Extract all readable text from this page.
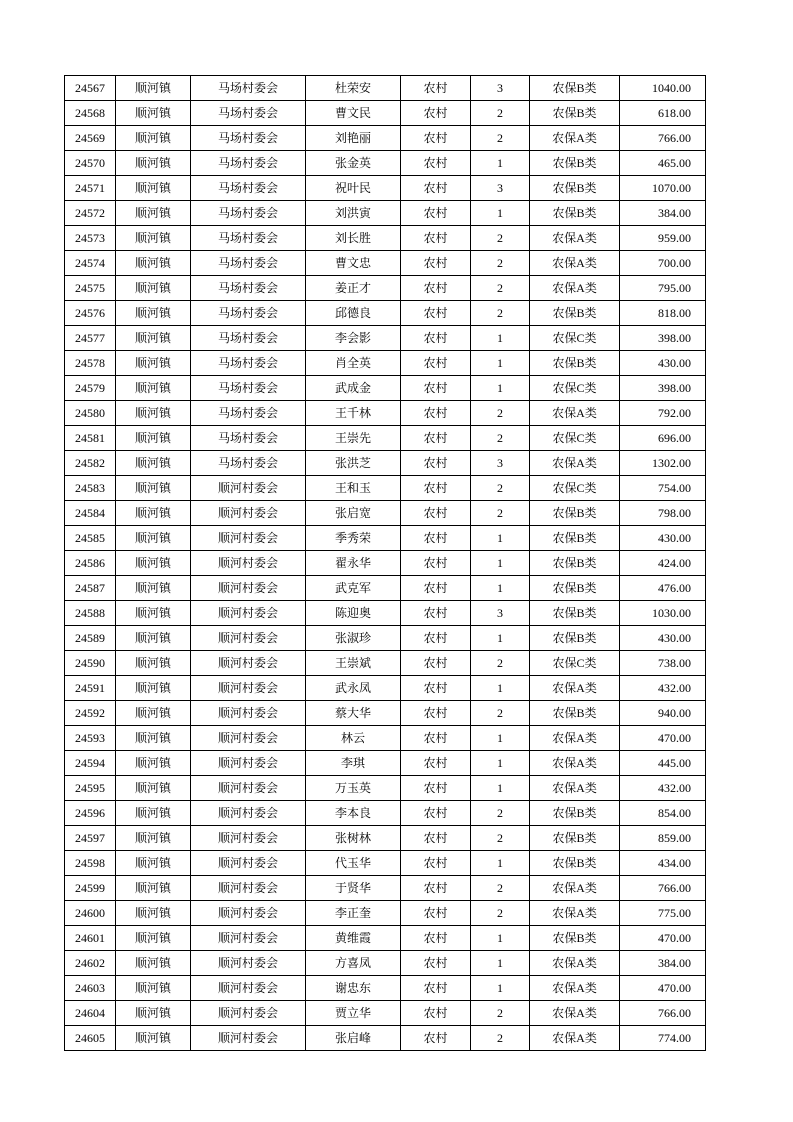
24567	顺河镇	马场村委会	杜荣安	农村	3	农保B类	1040.00
24568	顺河镇	马场村委会	曹文民	农村	2	农保B类	618.00
24569	顺河镇	马场村委会	刘艳丽	农村	2	农保A类	766.00
24570	顺河镇	马场村委会	张金英	农村	1	农保B类	465.00
24571	顺河镇	马场村委会	祝叶民	农村	3	农保B类	1070.00
24572	顺河镇	马场村委会	刘洪寅	农村	1	农保B类	384.00
24573	顺河镇	马场村委会	刘长胜	农村	2	农保A类	959.00
24574	顺河镇	马场村委会	曹文忠	农村	2	农保A类	700.00
24575	顺河镇	马场村委会	姜正才	农村	2	农保A类	795.00
24576	顺河镇	马场村委会	邱德良	农村	2	农保B类	818.00
24577	顺河镇	马场村委会	李会影	农村	1	农保C类	398.00
24578	顺河镇	马场村委会	肖全英	农村	1	农保B类	430.00
24579	顺河镇	马场村委会	武成金	农村	1	农保C类	398.00
24580	顺河镇	马场村委会	王千林	农村	2	农保A类	792.00
24581	顺河镇	马场村委会	王崇先	农村	2	农保C类	696.00
24582	顺河镇	马场村委会	张洪芝	农村	3	农保A类	1302.00
24583	顺河镇	顺河村委会	王和玉	农村	2	农保C类	754.00
24584	顺河镇	顺河村委会	张启宽	农村	2	农保B类	798.00
24585	顺河镇	顺河村委会	季秀荣	农村	1	农保B类	430.00
24586	顺河镇	顺河村委会	翟永华	农村	1	农保B类	424.00
24587	顺河镇	顺河村委会	武克军	农村	1	农保B类	476.00
24588	顺河镇	顺河村委会	陈迎奥	农村	3	农保B类	1030.00
24589	顺河镇	顺河村委会	张淑珍	农村	1	农保B类	430.00
24590	顺河镇	顺河村委会	王崇斌	农村	2	农保C类	738.00
24591	顺河镇	顺河村委会	武永凤	农村	1	农保A类	432.00
24592	顺河镇	顺河村委会	蔡大华	农村	2	农保B类	940.00
24593	顺河镇	顺河村委会	林云	农村	1	农保A类	470.00
24594	顺河镇	顺河村委会	李琪	农村	1	农保A类	445.00
24595	顺河镇	顺河村委会	万玉英	农村	1	农保A类	432.00
24596	顺河镇	顺河村委会	李本良	农村	2	农保B类	854.00
24597	顺河镇	顺河村委会	张树林	农村	2	农保B类	859.00
24598	顺河镇	顺河村委会	代玉华	农村	1	农保B类	434.00
24599	顺河镇	顺河村委会	于贤华	农村	2	农保A类	766.00
24600	顺河镇	顺河村委会	李正奎	农村	2	农保A类	775.00
24601	顺河镇	顺河村委会	黄维霞	农村	1	农保B类	470.00
24602	顺河镇	顺河村委会	方喜凤	农村	1	农保A类	384.00
24603	顺河镇	顺河村委会	谢忠东	农村	1	农保A类	470.00
24604	顺河镇	顺河村委会	贾立华	农村	2	农保A类	766.00
24605	顺河镇	顺河村委会	张启峰	农村	2	农保A类	774.00
